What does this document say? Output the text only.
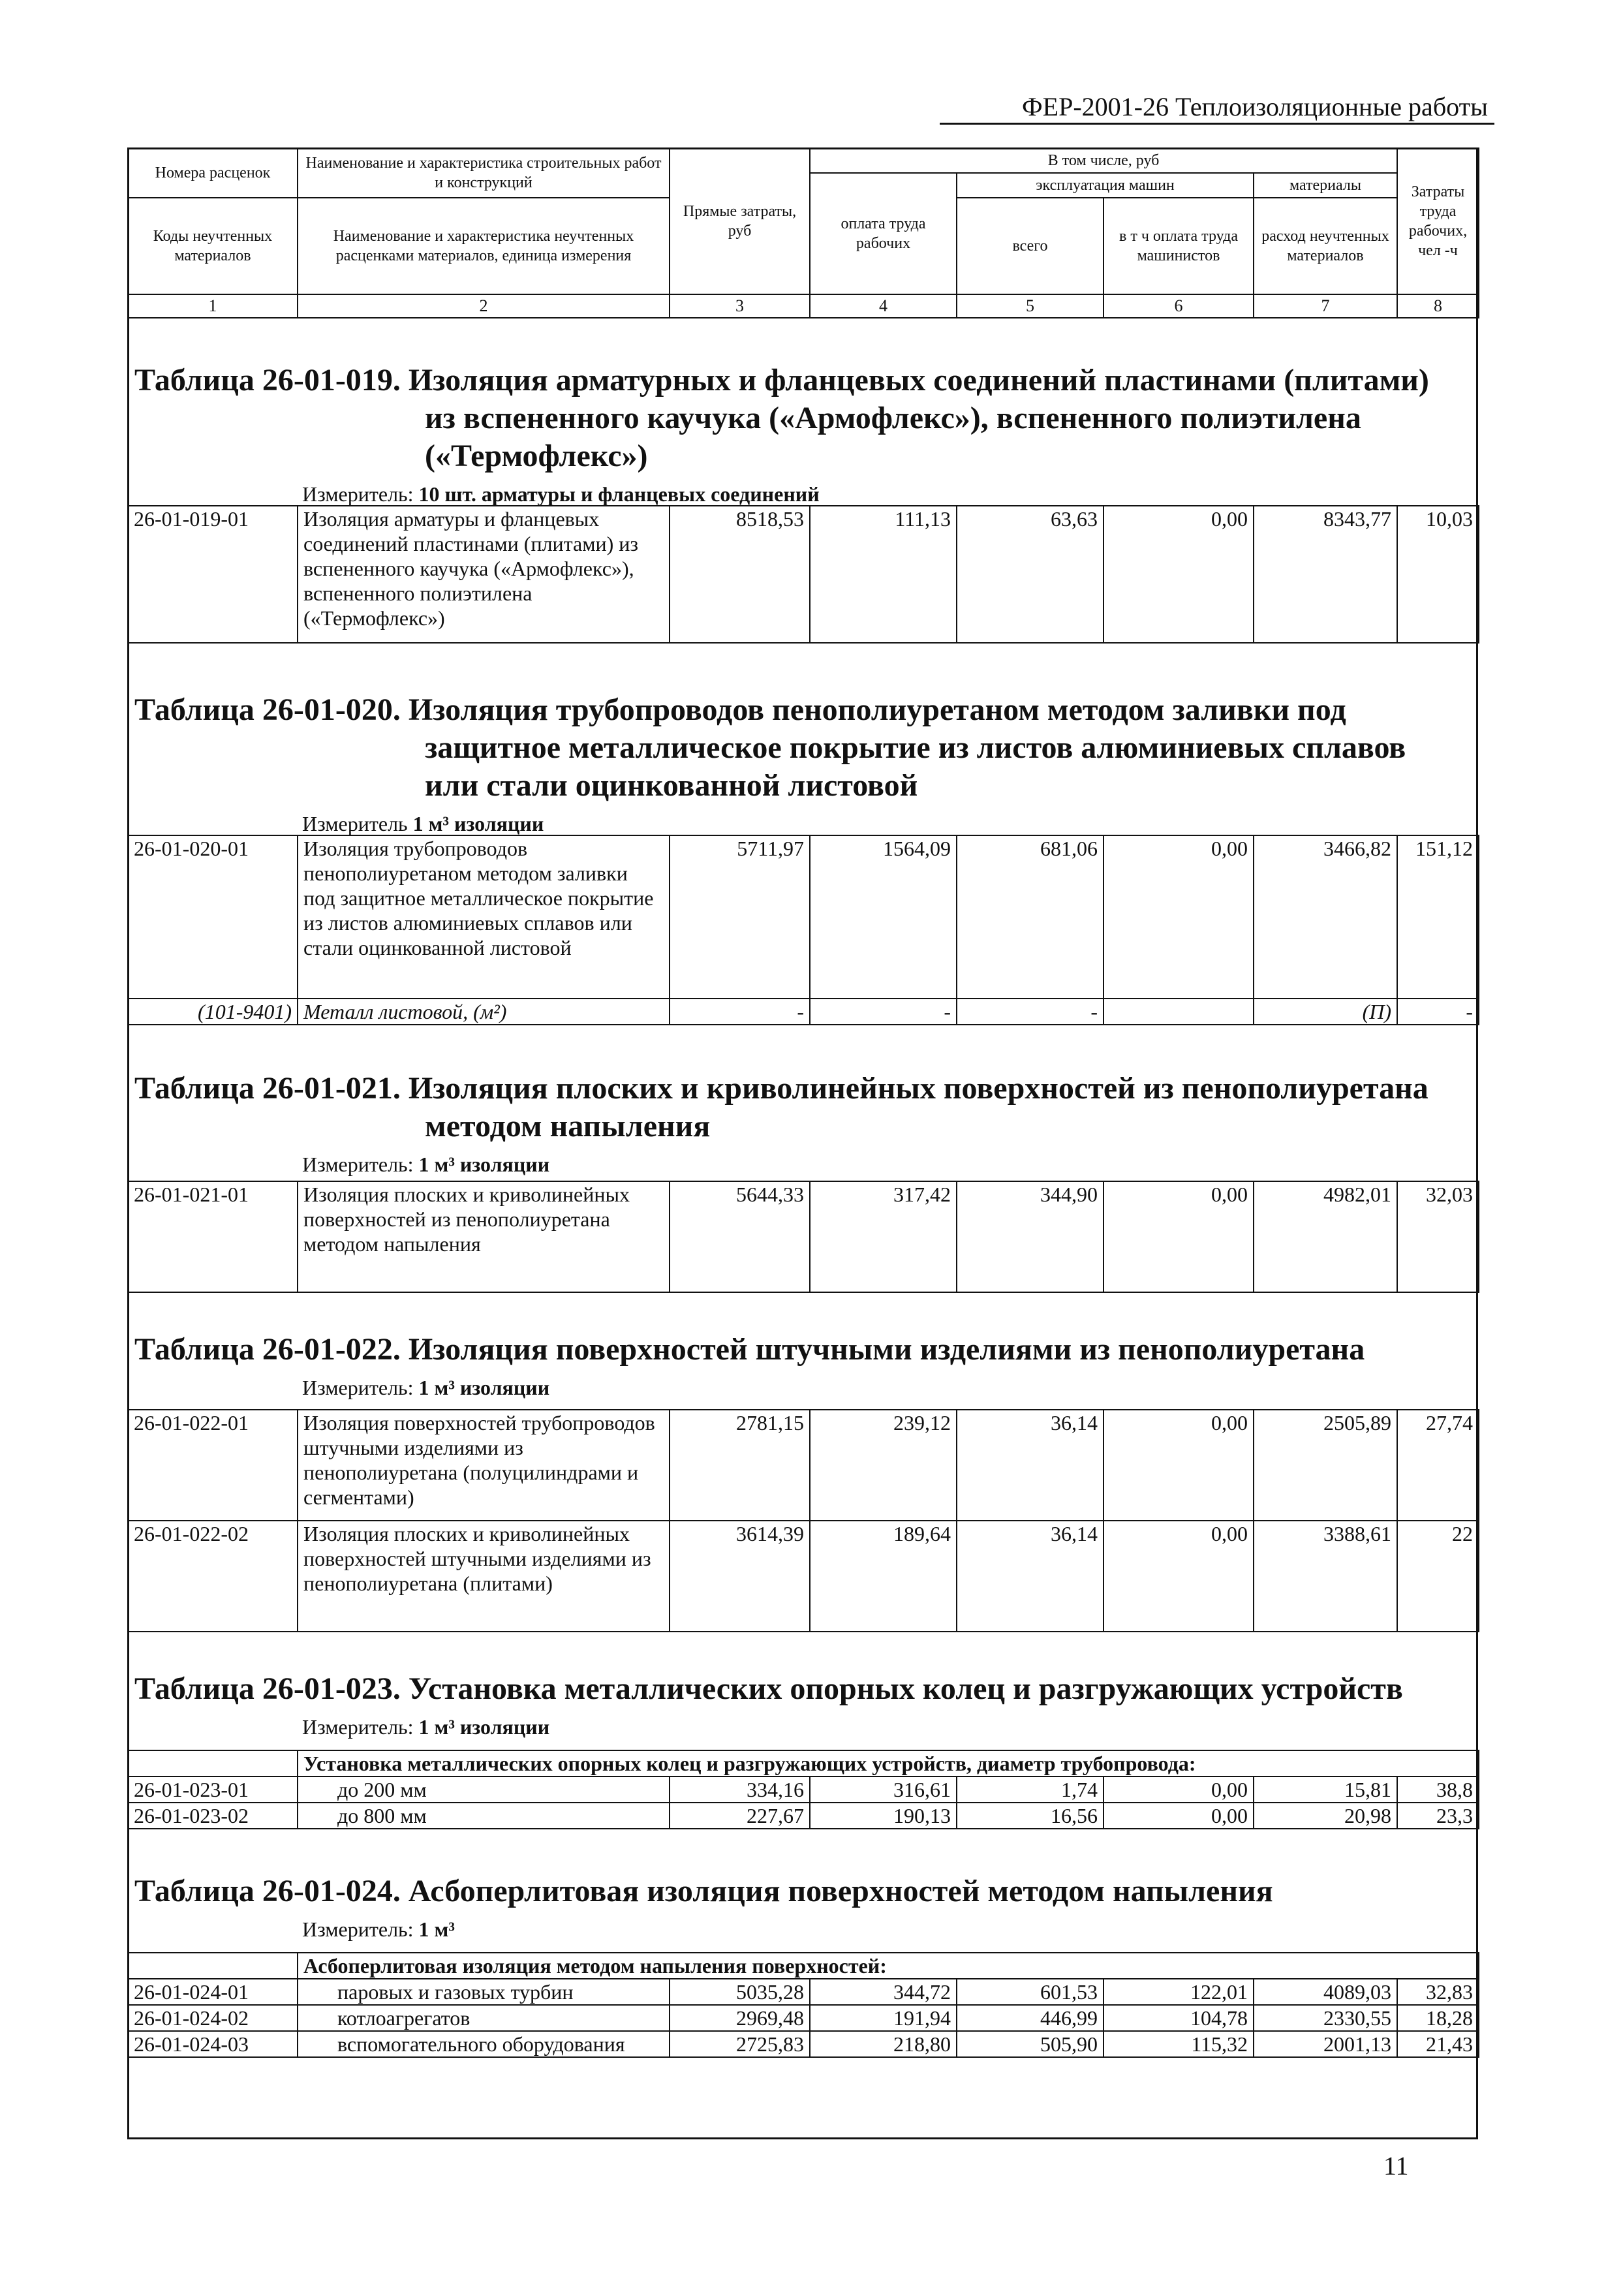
ФЕР-2001-26 Теплоизоляционные работы
Номера расценок	Наименование и характеристика строительных работ и конструкций	Прямые затраты, руб	В том числе, руб				Затраты труда рабочих, чел -ч
			оплата труда рабочих	эксплуатация машин		материалы	
Коды неучтенных материалов	Наименование и характеристика неучтенных расценками материалов, единица измерения			всего	в т ч оплата труда машинистов	расход неучтенных материалов	

1	2	3	4	5	6	7	8
Таблица 26-01-019. Изоляция арматурных и фланцевых соединений пластинами (плитами)
из вспененного каучука («Армофлекс»), вспененного полиэтилена
(«Термофлекс»)
Измеритель: 10 шт. арматуры и фланцевых соединений
26-01-019-01	Изоляция арматуры и фланцевых соединений пластинами (плитами) из вспененного каучука («Армофлекс»), вспененного полиэтилена («Термофлекс»)	8518,53	111,13	63,63	0,00	8343,77	10,03
Таблица 26-01-020. Изоляция трубопроводов пенополиуретаном методом заливки под
защитное металлическое покрытие из листов алюминиевых сплавов
или стали оцинкованной листовой
Измеритель 1 м³ изоляции
26-01-020-01	Изоляция трубопроводов пенополиуретаном методом заливки под защитное металлическое покрытие из листов алюминиевых сплавов или стали оцинкованной листовой	5711,97	1564,09	681,06	0,00	3466,82	151,12
(101-9401)	Металл листовой, (м²)	-	-	-		(П)	-
Таблица 26-01-021. Изоляция плоских и криволинейных поверхностей из пенополиуретана
методом напыления
Измеритель: 1 м³ изоляции
26-01-021-01	Изоляция плоских и криволинейных поверхностей из пенополиуретана методом напыления	5644,33	317,42	344,90	0,00	4982,01	32,03
Таблица 26-01-022. Изоляция поверхностей штучными изделиями из пенополиуретана
Измеритель: 1 м³ изоляции
26-01-022-01	Изоляция поверхностей трубопроводов штучными изделиями из пенополиуретана (полуцилиндрами и сегментами)	2781,15	239,12	36,14	0,00	2505,89	27,74
26-01-022-02	Изоляция плоских и криволинейных поверхностей штучными изделиями из пенополиуретана (плитами)	3614,39	189,64	36,14	0,00	3388,61	22
Таблица 26-01-023. Установка металлических опорных колец и разгружающих устройств
Измеритель: 1 м³ изоляции
	Установка металлических опорных колец и разгружающих устройств, диаметр трубопровода:						
26-01-023-01	до 200 мм	334,16	316,61	1,74	0,00	15,81	38,8
26-01-023-02	до 800 мм	227,67	190,13	16,56	0,00	20,98	23,3
Таблица 26-01-024. Асбоперлитовая изоляция поверхностей методом напыления
Измеритель: 1 м³
	Асбоперлитовая изоляция методом напыления поверхностей:						
26-01-024-01	паровых и газовых турбин	5035,28	344,72	601,53	122,01	4089,03	32,83
26-01-024-02	котлоагрегатов	2969,48	191,94	446,99	104,78	2330,55	18,28
26-01-024-03	вспомогательного оборудования	2725,83	218,80	505,90	115,32	2001,13	21,43
11
